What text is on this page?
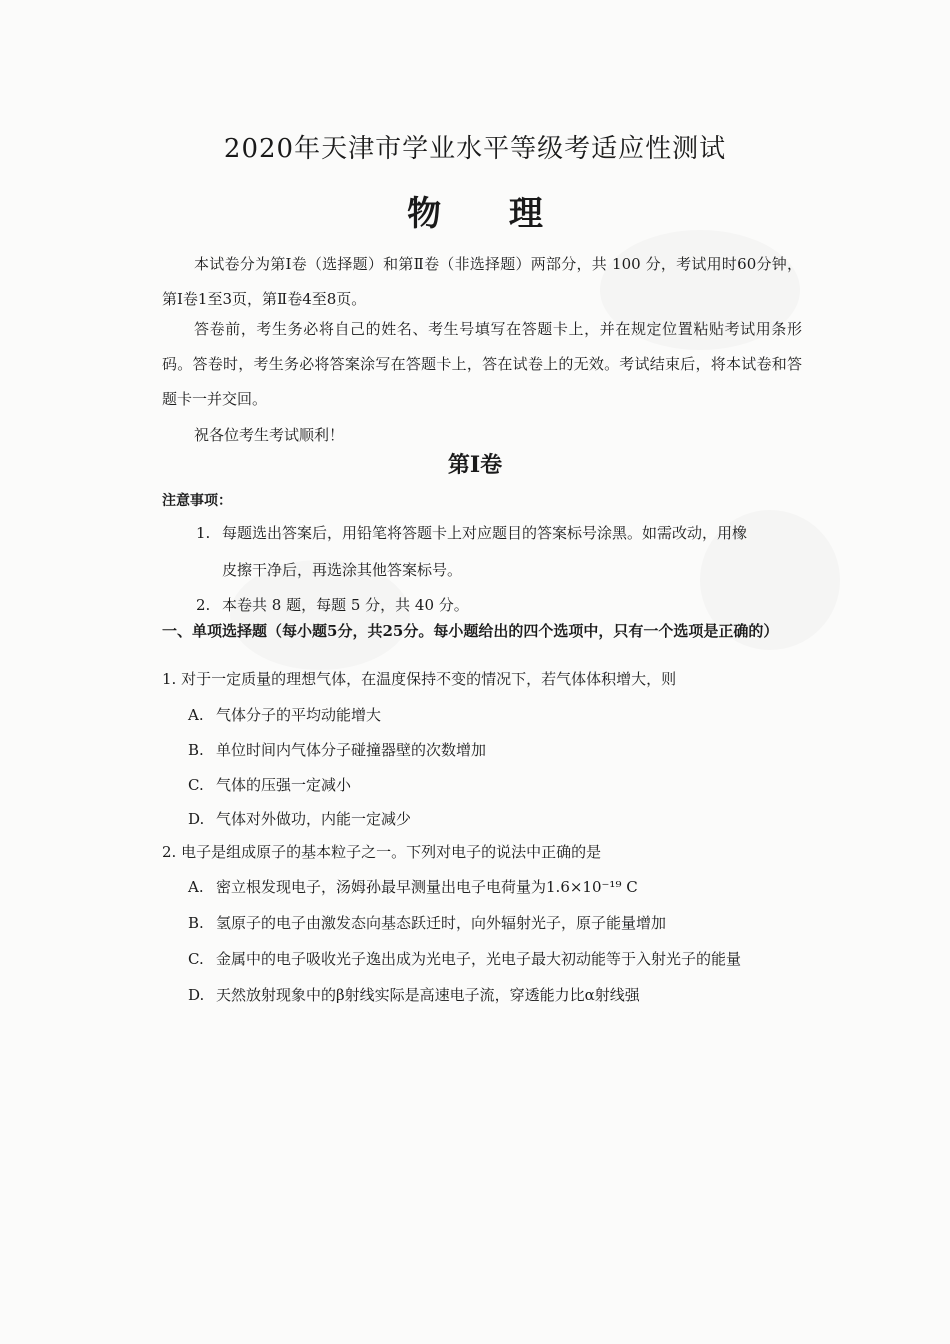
2020年天津市学业水平等级考适应性测试
物 理
本试卷分为第Ⅰ卷（选择题）和第Ⅱ卷（非选择题）两部分，共 100 分，考试用时60分钟，第Ⅰ卷1至3页，第Ⅱ卷4至8页。
答卷前，考生务必将自己的姓名、考生号填写在答题卡上，并在规定位置粘贴考试用条形码。答卷时，考生务必将答案涂写在答题卡上，答在试卷上的无效。考试结束后，将本试卷和答题卡一并交回。
祝各位考生考试顺利！
第Ⅰ卷
注意事项：
1. 每题选出答案后，用铅笔将答题卡上对应题目的答案标号涂黑。如需改动，用橡
皮擦干净后，再选涂其他答案标号。
2. 本卷共 8 题，每题 5 分，共 40 分。
一、单项选择题（每小题5分，共25分。每小题给出的四个选项中，只有一个选项是正确的）
1. 对于一定质量的理想气体，在温度保持不变的情况下，若气体体积增大，则
A. 气体分子的平均动能增大
B. 单位时间内气体分子碰撞器壁的次数增加
C. 气体的压强一定减小
D. 气体对外做功，内能一定减少
2. 电子是组成原子的基本粒子之一。下列对电子的说法中正确的是
A. 密立根发现电子，汤姆孙最早测量出电子电荷量为1.6×10⁻¹⁹ C
B. 氢原子的电子由激发态向基态跃迁时，向外辐射光子，原子能量增加
C. 金属中的电子吸收光子逸出成为光电子，光电子最大初动能等于入射光子的能量
D. 天然放射现象中的β射线实际是高速电子流，穿透能力比α射线强
